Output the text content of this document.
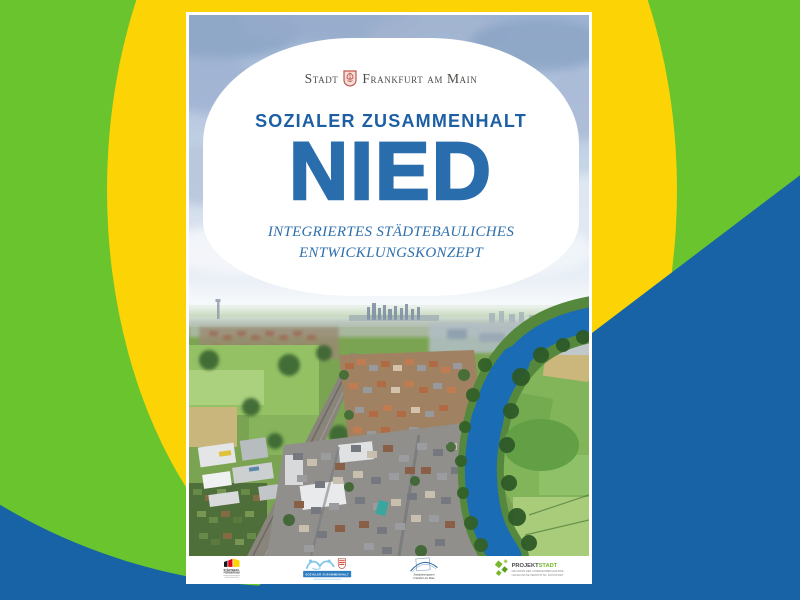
Stadt Frankfurt am Main
SOZIALER ZUSAMMENHALT
NIED
INTEGRIERTES STÄDTEBAULICHES
ENTWICKLUNGSKONZEPT
STÄDTEBAU-
FÖRDERUNG
SOZIALER ZUSAMMENHALT	Stadtplanungsamt
Frankfurt am Main
PROJEKTSTADT
DIE MARKE DER UNTERNEHMENSGRUPPE
NASSAUISCHE HEIMSTÄTTE | WOHNSTADT
